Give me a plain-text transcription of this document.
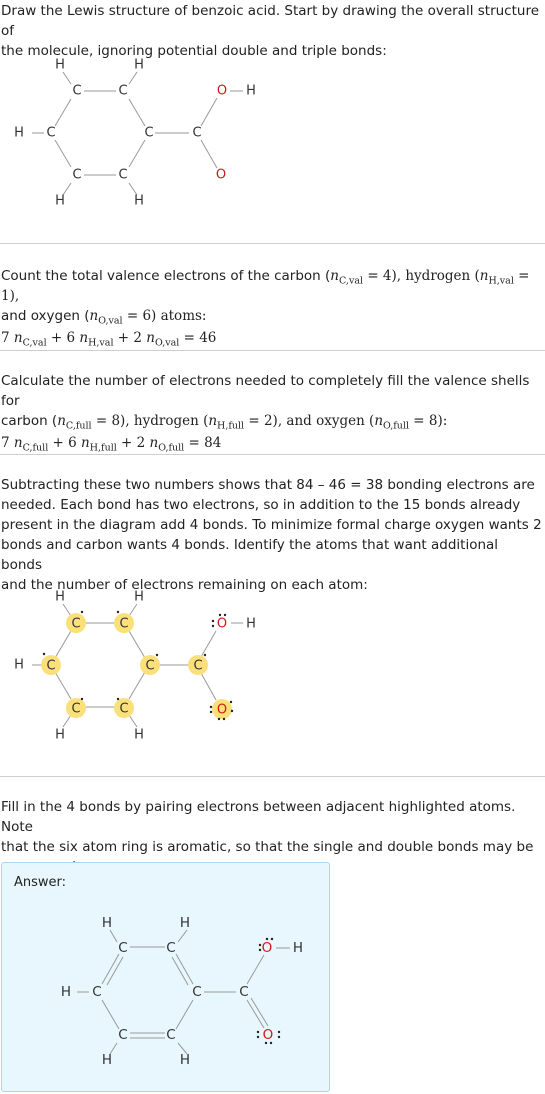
Draw the Lewis structure of benzoic acid. Start by drawing the overall structure of
the molecule, ignoring potential double and triple bonds:
H	H
C	C	O H
H C	C	C
C	C	O
H	H
Count the total valence electrons of the carbon $(n_{C,val} = 4)$, hydrogen $(n_{H,val} = 1)$,
and oxygen $(n_{O,val} = 6)$ atoms:
7 $n_{C,val} + 6$ $n_{H,val} + 2$ $n_{O,val} = 46$
Calculate the number of electrons needed to completely fill the valence shells for
carbon $(n_{C,full} = 8)$, hydrogen $(n_{H,full} = 2)$, and oxygen $(n_{O,full} = 8)$:
7 $n_{C,full} + 6$ $n_{H,full} + 2$ $n_{O,full} = 84$
Subtracting these two numbers shows that 84 – 46 = 38 bonding electrons are
needed. Each bond has two electrons, so in addition to the 15 bonds already
present in the diagram add 4 bonds. To minimize formal charge oxygen wants 2
bonds and carbon wants 4 bonds. Identify the atoms that want additional bonds
and the number of electrons remaining on each atom:
H	H
C	C	O H
H C	C	C
C	C	O
H	H
Fill in the 4 bonds by pairing electrons between adjacent highlighted atoms. Note
that the six atom ring is aromatic, so that the single and double bonds may be
Answer:
H	H
C	C	O H
H C	C	C
C	C	O
H	H
